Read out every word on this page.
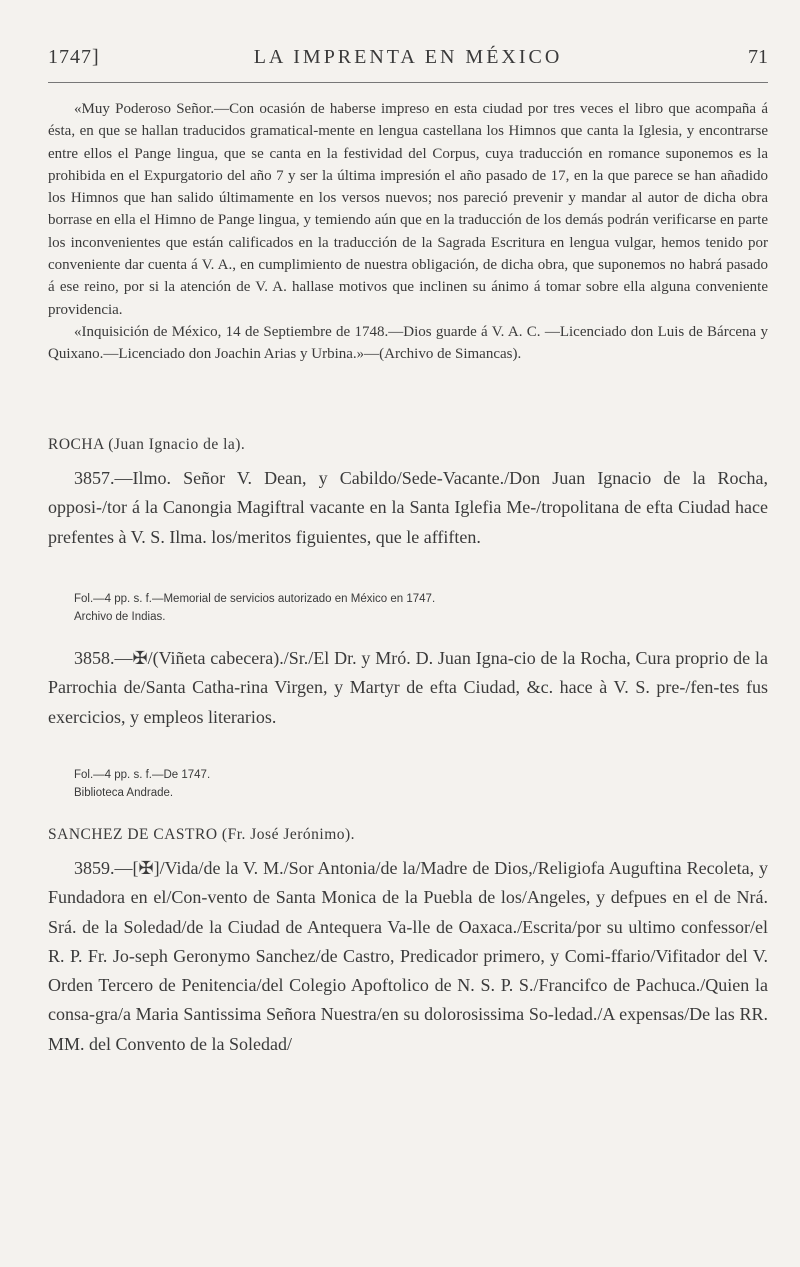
1747]	LA IMPRENTA EN MÉXICO	71

«Muy Poderoso Señor.—Con ocasión de haberse impreso en esta ciudad por tres veces el libro que acompaña á ésta, en que se hallan traducidos gramatical-mente en lengua castellana los Himnos que canta la Iglesia, y encontrarse entre ellos el Pange lingua, que se canta en la festividad del Corpus, cuya traducción en romance suponemos es la prohibida en el Expurgatorio del año 7 y ser la última impresión el año pasado de 17, en la que parece se han añadido los Himnos que han salido últimamente en los versos nuevos; nos pareció prevenir y mandar al autor de dicha obra borrase en ella el Himno de Pange lingua, y temiendo aún que en la traducción de los demás podrán verificarse en parte los inconvenientes que están calificados en la traducción de la Sagrada Escritura en lengua vulgar, hemos tenido por conveniente dar cuenta á V. A., en cumplimiento de nuestra obligación, de dicha obra, que suponemos no habrá pasado á ese reino, por si la atención de V. A. hallase motivos que inclinen su ánimo á tomar sobre ella alguna conveniente providencia.

«Inquisición de México, 14 de Septiembre de 1748.—Dios guarde á V. A. C. —Licenciado don Luis de Bárcena y Quixano.—Licenciado don Joachin Arias y Urbina.»—(Archivo de Simancas).

ROCHA (Juan Ignacio de la).

3857.—Ilmo. Señor V. Dean, y Cabildo/Sede-Vacante./Don Juan Ignacio de la Rocha, opposi-/tor á la Canongia Magiftral vacante en la Santa Iglefia Me-/tropolitana de efta Ciudad hace prefentes à V. S. Ilma. los/meritos figuientes, que le affiften.

Fol.—4 pp. s. f.—Memorial de servicios autorizado en México en 1747.
Archivo de Indias.

3858.—✠/(Viñeta cabecera)./Sr./El Dr. y Mró. D. Juan Igna-cio de la Rocha, Cura proprio de la Parrochia de/Santa Catha-rina Virgen, y Martyr de efta Ciudad, &c. hace à V. S. pre-/fen-tes fus exercicios, y empleos literarios.

Fol.—4 pp. s. f.—De 1747.
Biblioteca Andrade.
SANCHEZ DE CASTRO (Fr. José Jerónimo).

3859.—[✠]/Vida/de la V. M./Sor Antonia/de la/Madre de Dios,/Religiofa Auguftina Recoleta, y Fundadora en el/Con-vento de Santa Monica de la Puebla de los/Angeles, y defpues en el de Nrá. Srá. de la Soledad/de la Ciudad de Antequera Va-lle de Oaxaca./Escrita/por su ultimo confessor/el R. P. Fr. Jo-seph Geronymo Sanchez/de Castro, Predicador primero, y Comi-ffario/Vifitador del V. Orden Tercero de Penitencia/del Colegio Apoftolico de N. S. P. S./Francifco de Pachuca./Quien la consa-gra/a Maria Santissima Señora Nuestra/en su dolorosissima So-ledad./A expensas/De las RR. MM. del Convento de la Soledad/
